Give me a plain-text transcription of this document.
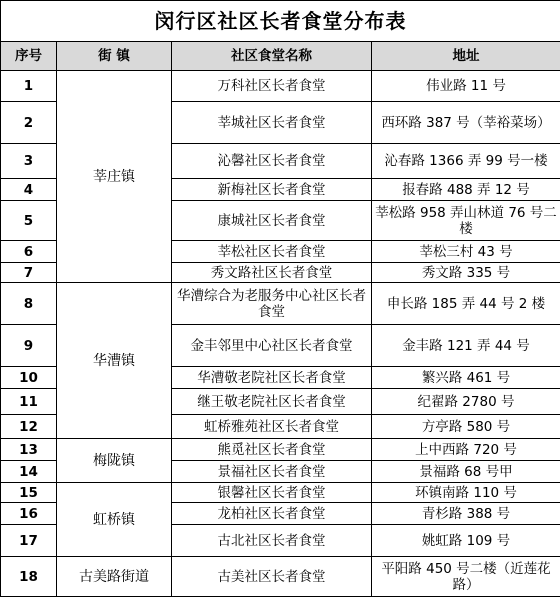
闵行区社区长者食堂分布表			
序号	街 镇	社区食堂名称	地址
1	莘庄镇	万科社区长者食堂	伟业路 11 号
2		莘城社区长者食堂	西环路 387 号（莘裕菜场）
3		沁馨社区长者食堂	沁春路 1366 弄 99 号一楼
4		新梅社区长者食堂	报春路 488 弄 12 号
5		康城社区长者食堂	莘松路 958 弄山林道 76 号二楼
6		莘松社区长者食堂	莘松三村 43 号
7		秀文路社区长者食堂	秀文路 335 号
8	华漕镇	华漕综合为老服务中心社区长者食堂	申长路 185 弄 44 号 2 楼
9		金丰邻里中心社区长者食堂	金丰路 121 弄 44 号
10		华漕敬老院社区长者食堂	繁兴路 461 号
11		继王敬老院社区长者食堂	纪翟路 2780 号
12		虹桥雅苑社区长者食堂	方亭路 580 号
13	梅陇镇	熊觅社区长者食堂	上中西路 720 号
14		景福社区长者食堂	景福路 68 号甲
15	虹桥镇	银馨社区长者食堂	环镇南路 110 号
16		龙柏社区长者食堂	青杉路 388 号
17		古北社区长者食堂	姚虹路 109 号
18	古美路街道	古美社区长者食堂	平阳路 450 号二楼（近莲花路）
